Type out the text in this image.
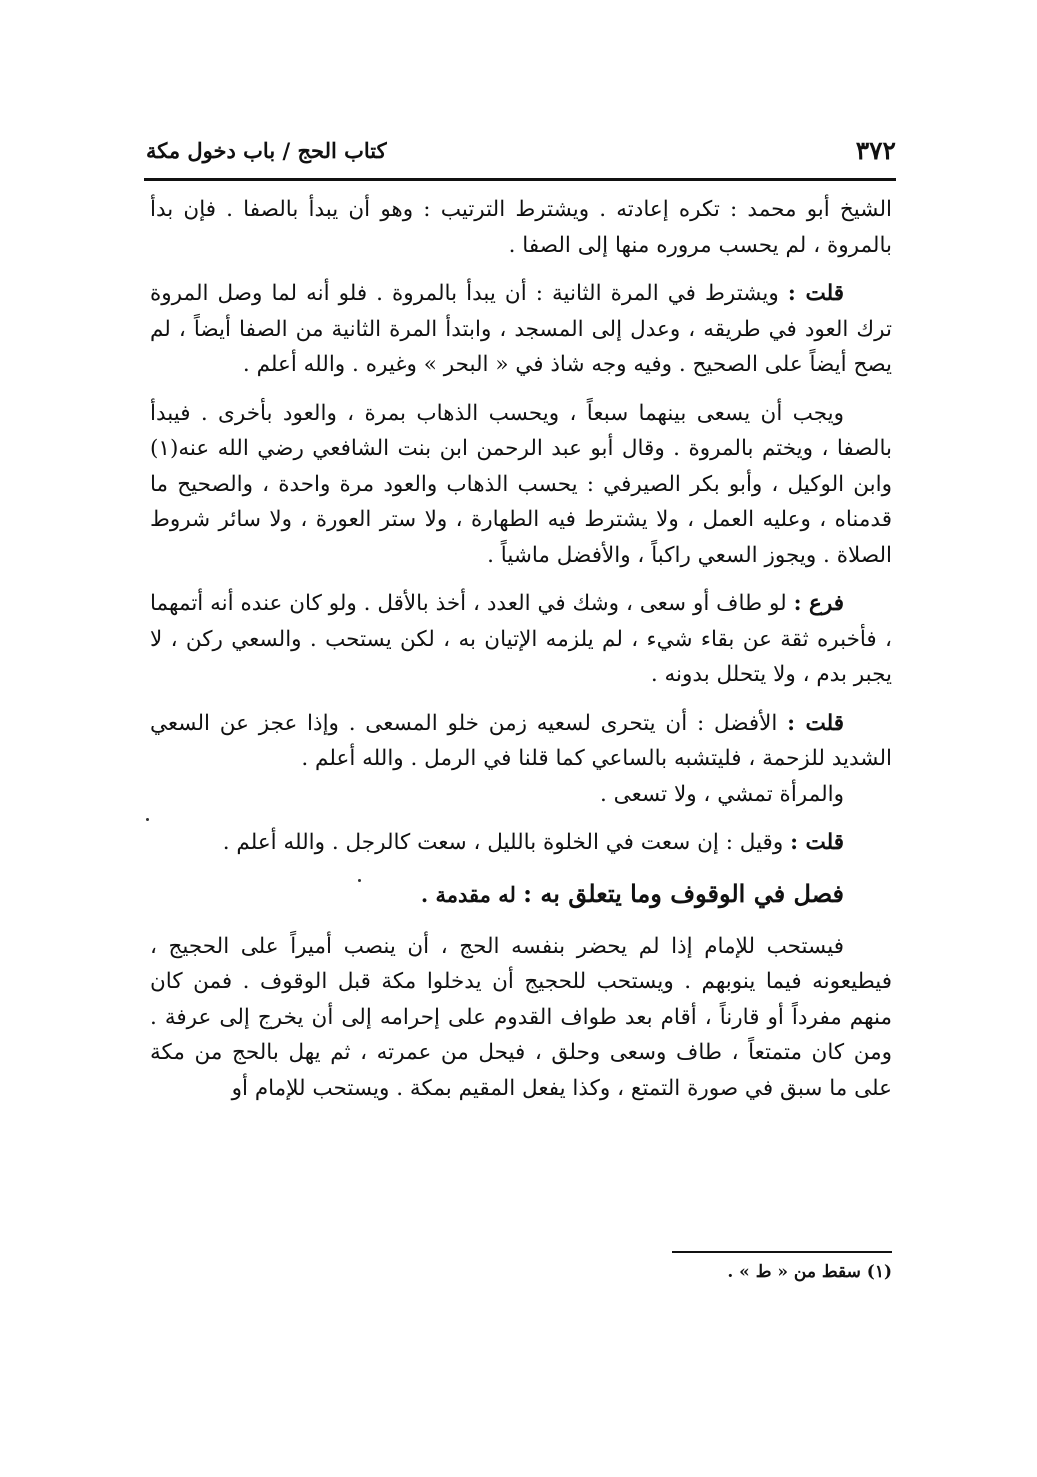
٣٧٢
كتاب الحج / باب دخول مكة

الشيخ أبو محمد : تكره إعادته . ويشترط الترتيب : وهو أن يبدأ بالصفا . فإن بدأ بالمروة ، لم يحسب مروره منها إلى الصفا .

قلت : ويشترط في المرة الثانية : أن يبدأ بالمروة . فلو أنه لما وصل المروة ترك العود في طريقه ، وعدل إلى المسجد ، وابتدأ المرة الثانية من الصفا أيضاً ، لم يصح أيضاً على الصحيح . وفيه وجه شاذ في « البحر » وغيره . والله أعلم .

ويجب أن يسعى بينهما سبعاً ، ويحسب الذهاب بمرة ، والعود بأخرى . فيبدأ بالصفا ، ويختم بالمروة . وقال أبو عبد الرحمن ابن بنت الشافعي رضي الله عنه(١) وابن الوكيل ، وأبو بكر الصيرفي : يحسب الذهاب والعود مرة واحدة ، والصحيح ما قدمناه ، وعليه العمل ، ولا يشترط فيه الطهارة ، ولا ستر العورة ، ولا سائر شروط الصلاة . ويجوز السعي راكباً ، والأفضل ماشياً .

فرع : لو طاف أو سعى ، وشك في العدد ، أخذ بالأقل . ولو كان عنده أنه أتمهما ، فأخبره ثقة عن بقاء شيء ، لم يلزمه الإتيان به ، لكن يستحب . والسعي ركن ، لا يجبر بدم ، ولا يتحلل بدونه .

قلت : الأفضل : أن يتحرى لسعيه زمن خلو المسعى . وإذا عجز عن السعي الشديد للزحمة ، فليتشبه بالساعي كما قلنا في الرمل . والله أعلم .

والمرأة تمشي ، ولا تسعى .

قلت : وقيل : إن سعت في الخلوة بالليل ، سعت كالرجل . والله أعلم .

فصل في الوقوف وما يتعلق به : له مقدمة .

فيستحب للإمام إذا لم يحضر بنفسه الحج ، أن ينصب أميراً على الحجيج ، فيطيعونه فيما ينوبهم . ويستحب للحجيج أن يدخلوا مكة قبل الوقوف . فمن كان منهم مفرداً أو قارناً ، أقام بعد طواف القدوم على إحرامه إلى أن يخرج إلى عرفة . ومن كان متمتعاً ، طاف وسعى وحلق ، فيحل من عمرته ، ثم يهل بالحج من مكة على ما سبق في صورة التمتع ، وكذا يفعل المقيم بمكة . ويستحب للإمام أو

(١) سقط من « ط » .
